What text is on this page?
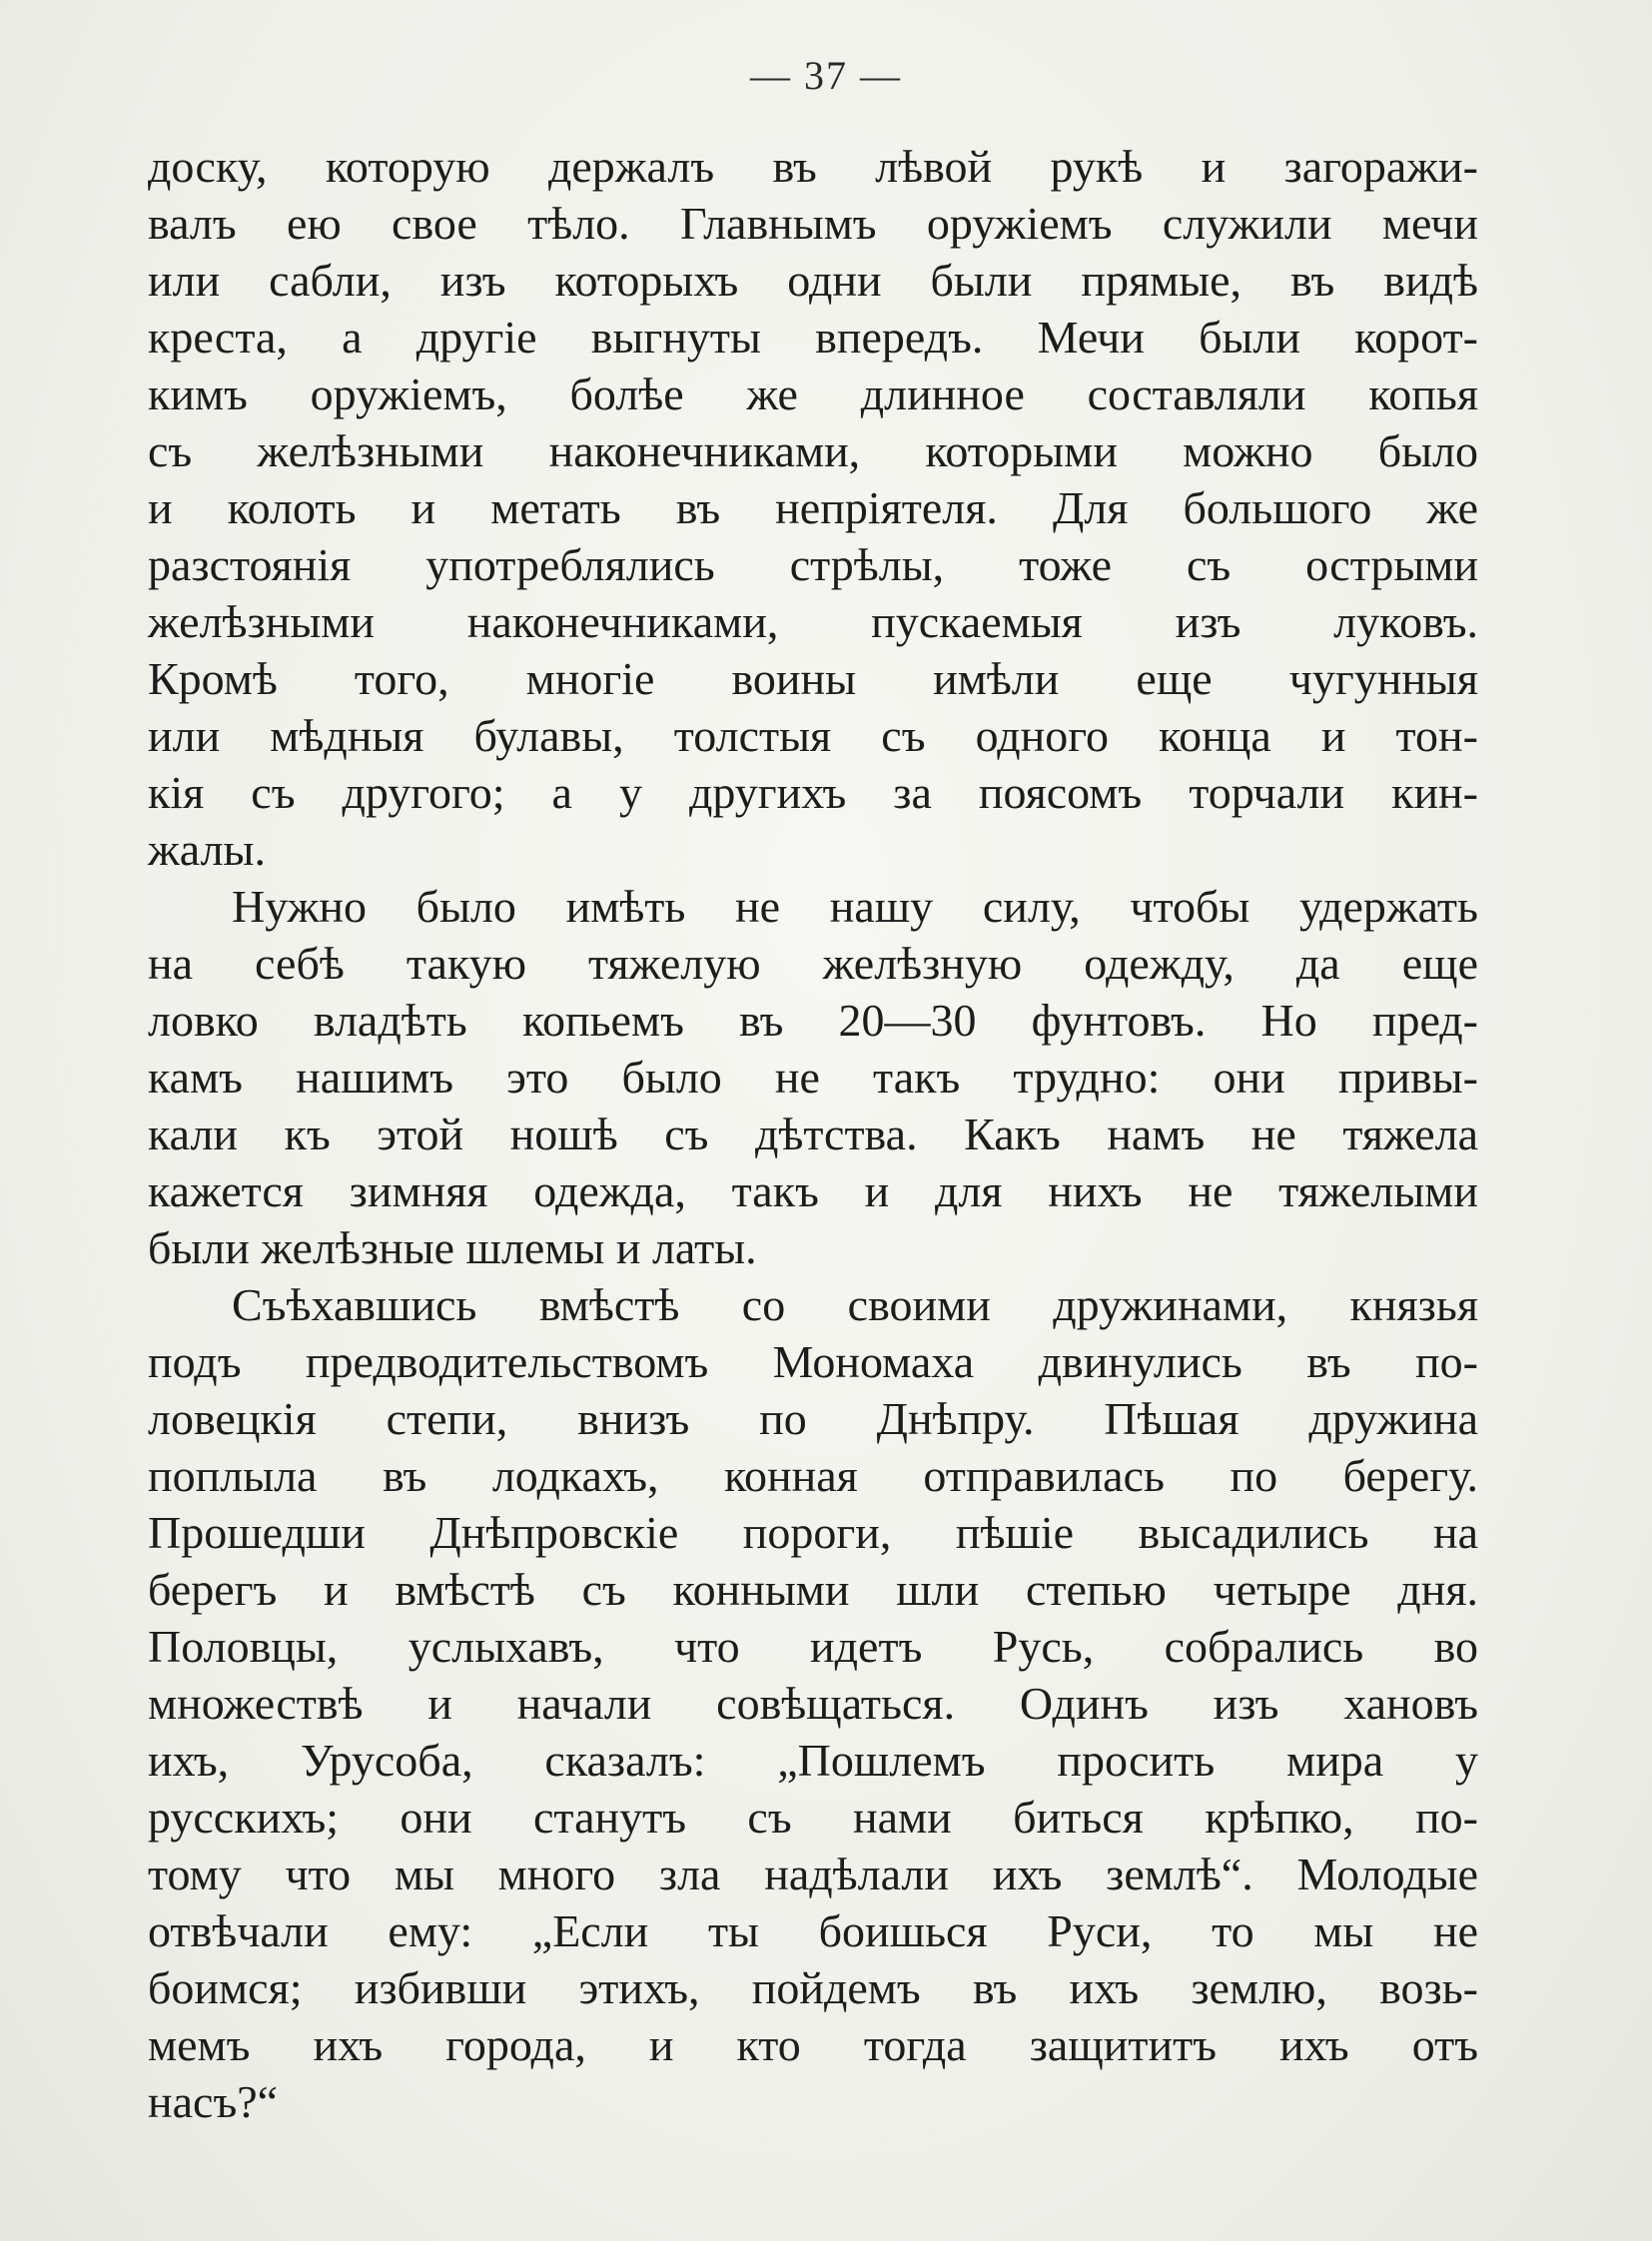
— 37 —
доску, которую держалъ въ лѣвой рукѣ и загоражи-
валъ ею свое тѣло. Главнымъ оружіемъ служили мечи
или сабли, изъ которыхъ одни были прямые, въ видѣ
креста, а другіе выгнуты впередъ. Мечи были корот-
кимъ оружіемъ, болѣе же длинное составляли копья
съ желѣзными наконечниками, которыми можно было
и колоть и метать въ непріятеля. Для большого же
разстоянія употреблялись стрѣлы, тоже съ острыми
желѣзными наконечниками, пускаемыя изъ луковъ.
Кромѣ того, многіе воины имѣли еще чугунныя
или мѣдныя булавы, толстыя съ одного конца и тон-
кія съ другого; а у другихъ за поясомъ торчали кин-
жалы.
Нужно было имѣть не нашу силу, чтобы удержать
на себѣ такую тяжелую желѣзную одежду, да еще
ловко владѣть копьемъ въ 20—30 фунтовъ. Но пред-
камъ нашимъ это было не такъ трудно: они привы-
кали къ этой ношѣ съ дѣтства. Какъ намъ не тяжела
кажется зимняя одежда, такъ и для нихъ не тяжелыми
были желѣзные шлемы и латы.
Съѣхавшись вмѣстѣ со своими дружинами, князья
подъ предводительствомъ Мономаха двинулись въ по-
ловецкія степи, внизъ по Днѣпру. Пѣшая дружина
поплыла въ лодкахъ, конная отправилась по берегу.
Прошедши Днѣпровскіе пороги, пѣшіе высадились на
берегъ и вмѣстѣ съ конными шли степью четыре дня.
Половцы, услыхавъ, что идетъ Русь, собрались во
множествѣ и начали совѣщаться. Одинъ изъ хановъ
ихъ, Урусоба, сказалъ: „Пошлемъ просить мира у
русскихъ; они станутъ съ нами биться крѣпко, по-
тому что мы много зла надѣлали ихъ землѣ“. Молодые
отвѣчали ему: „Если ты боишься Руси, то мы не
боимся; избивши этихъ, пойдемъ въ ихъ землю, возь-
мемъ ихъ города, и кто тогда защититъ ихъ отъ
насъ?“
